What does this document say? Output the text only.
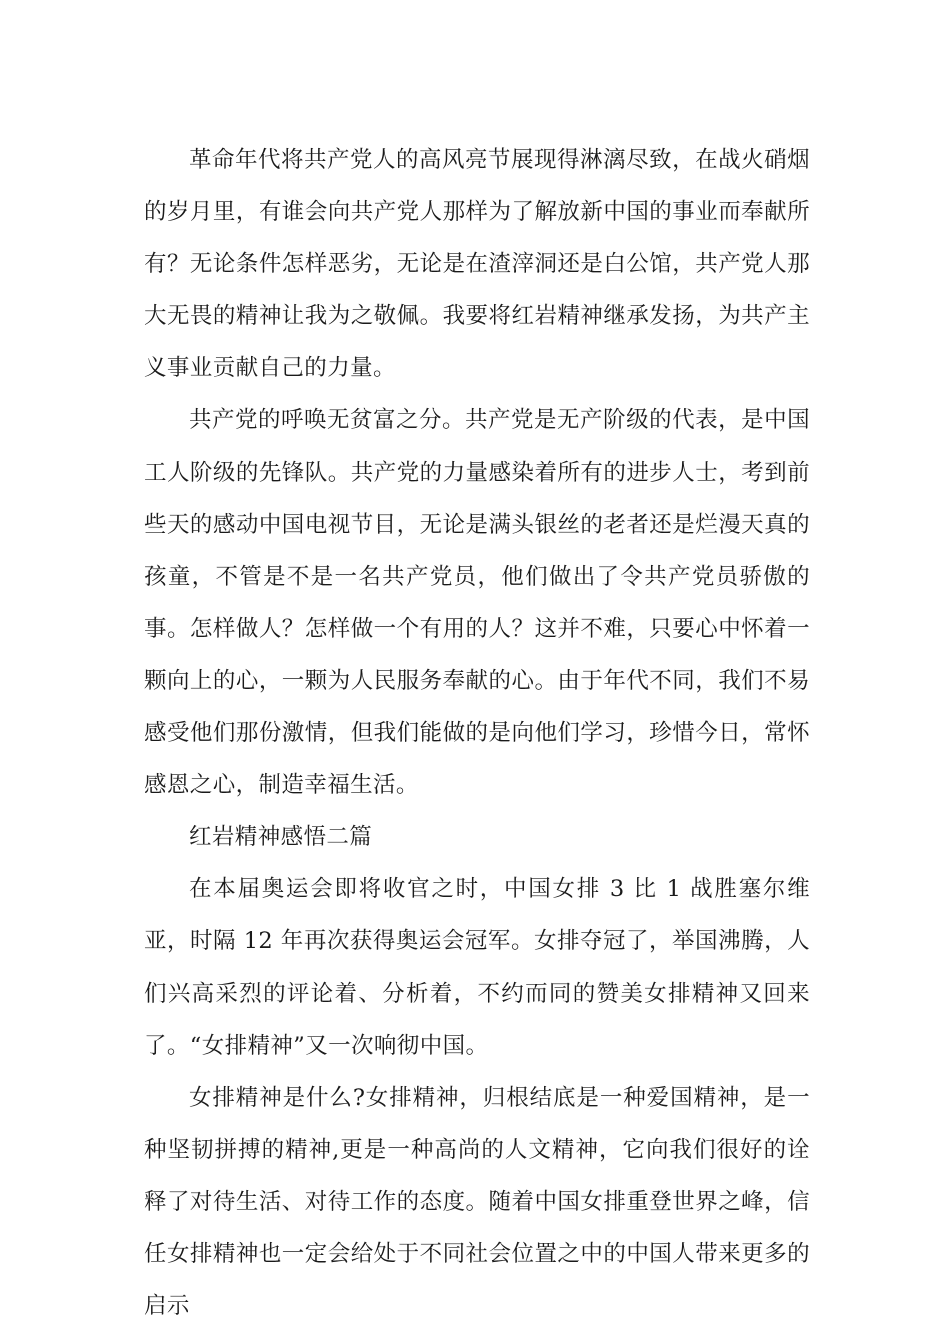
革命年代将共产党人的高风亮节展现得淋漓尽致，在战火硝烟的岁月里，有谁会向共产党人那样为了解放新中国的事业而奉献所有？无论条件怎样恶劣，无论是在渣滓洞还是白公馆，共产党人那大无畏的精神让我为之敬佩。我要将红岩精神继承发扬，为共产主义事业贡献自己的力量。

共产党的呼唤无贫富之分。共产党是无产阶级的代表，是中国工人阶级的先锋队。共产党的力量感染着所有的进步人士，考到前些天的感动中国电视节目，无论是满头银丝的老者还是烂漫天真的孩童，不管是不是一名共产党员，他们做出了令共产党员骄傲的事。怎样做人？怎样做一个有用的人？这并不难，只要心中怀着一颗向上的心，一颗为人民服务奉献的心。由于年代不同，我们不易感受他们那份激情，但我们能做的是向他们学习，珍惜今日，常怀感恩之心，制造幸福生活。

红岩精神感悟二篇

在本届奥运会即将收官之时，中国女排 3 比 1 战胜塞尔维亚，时隔 12 年再次获得奥运会冠军。女排夺冠了，举国沸腾，人们兴高采烈的评论着、分析着，不约而同的赞美女排精神又回来了。“女排精神”又一次响彻中国。

女排精神是什么?女排精神，归根结底是一种爱国精神，是一种坚韧拼搏的精神,更是一种高尚的人文精神，它向我们很好的诠释了对待生活、对待工作的态度。随着中国女排重登世界之峰，信任女排精神也一定会给处于不同社会位置之中的中国人带来更多的启示
